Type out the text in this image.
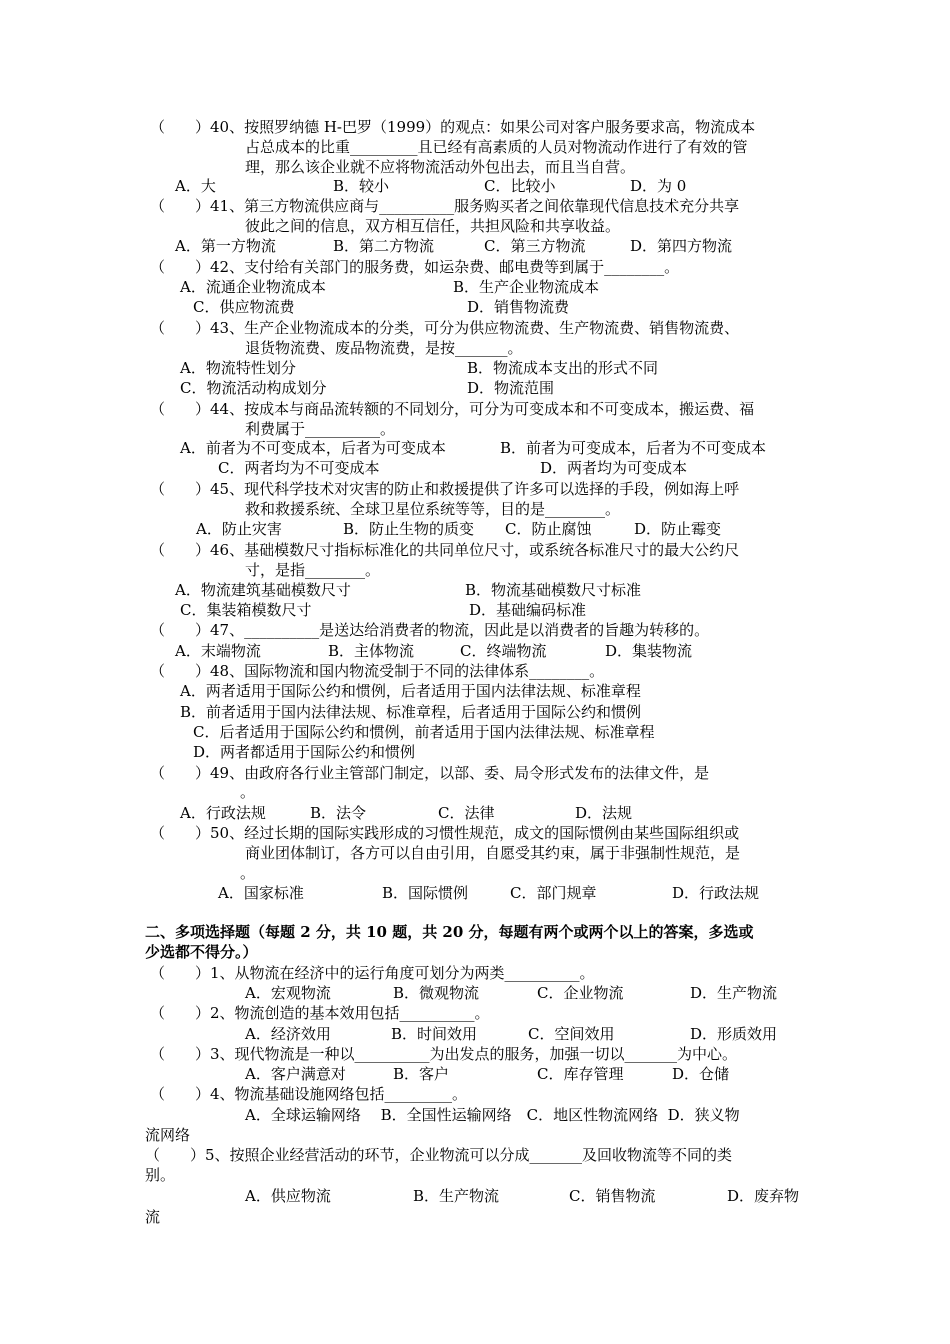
（　　）40、按照罗纳德 H-巴罗（1999）的观点：如果公司对客户服务要求高，物流成本
占总成本的比重_________且已经有高素质的人员对物流动作进行了有效的管
理，那么该企业就不应将物流活动外包出去，而且当自营。
A．大	B．较小	C．比较小	D．为 0
（　　）41、第三方物流供应商与__________服务购买者之间依靠现代信息技术充分共享
彼此之间的信息，双方相互信任，共担风险和共享收益。
A．第一方物流	B．第二方物流	C．第三方物流	D．第四方物流
（　　）42、支付给有关部门的服务费，如运杂费、邮电费等到属于________。
A．流通企业物流成本	B．生产企业物流成本
C．供应物流费	D．销售物流费
（　　）43、生产企业物流成本的分类，可分为供应物流费、生产物流费、销售物流费、
退货物流费、废品物流费，是按_______。
A．物流特性划分	B．物流成本支出的形式不同
C．物流活动构成划分	D．物流范围
（　　）44、按成本与商品流转额的不同划分，可分为可变成本和不可变成本，搬运费、福
利费属于__________。
A．前者为不可变成本，后者为可变成本	B．前者为可变成本，后者为不可变成本
C．两者均为不可变成本	D．两者均为可变成本
（　　）45、现代科学技术对灾害的防止和救援提供了许多可以选择的手段，例如海上呼
救和救援系统、全球卫星位系统等等，目的是________。
A．防止灾害	B．防止生物的质变 C．防止腐蚀	D．防止霉变
（　　）46、基础模数尺寸指标标准化的共同单位尺寸，或系统各标准尺寸的最大公约尺
寸，是指________。
A．物流建筑基础模数尺寸	B．物流基础模数尺寸标准
C．集装箱模数尺寸	D．基础编码标准
（　　）47、__________是送达给消费者的物流，因此是以消费者的旨趣为转移的。
A．末端物流	B．主体物流	C．终端物流	D．集装物流
（　　）48、国际物流和国内物流受制于不同的法律体系________。
A．两者适用于国际公约和惯例，后者适用于国内法律法规、标准章程
B．前者适用于国内法律法规、标准章程，后者适用于国际公约和惯例
C．后者适用于国际公约和惯例，前者适用于国内法律法规、标准章程
D．两者都适用于国际公约和惯例
（　　）49、由政府各行业主管部门制定，以部、委、局令形式发布的法律文件，是
。
A．行政法规	B．法令	C．法律	D．法规
（　　）50、经过长期的国际实践形成的习惯性规范，成文的国际惯例由某些国际组织或
商业团体制订，各方可以自由引用，自愿受其约束，属于非强制性规范，是
。
A．国家标准	B．国际惯例	C．部门规章	D．行政法规
二、多项选择题（每题 2 分，共 10 题，共 20 分，每题有两个或两个以上的答案，多选或
少选都不得分。）
（　　）1、从物流在经济中的运行角度可划分为两类__________。
A．宏观物流	B．微观物流	C．企业物流	D．生产物流
（　　）2、物流创造的基本效用包括__________。
A．经济效用	B．时间效用	C．空间效用	D．形质效用
（　　）3、现代物流是一种以__________为出发点的服务，加强一切以_______为中心。
A．客户满意对	B．客户	C．库存管理	D．仓储
（　　）4、物流基础设施网络包括_________。
A．全球运输网络　 B．全国性运输网络　C．地区性物流网络  D．狭义物
流网络
（　　）5、按照企业经营活动的环节，企业物流可以分成_______及回收物流等不同的类
别。
A．供应物流	B．生产物流	C．销售物流	D．废弃物
流
